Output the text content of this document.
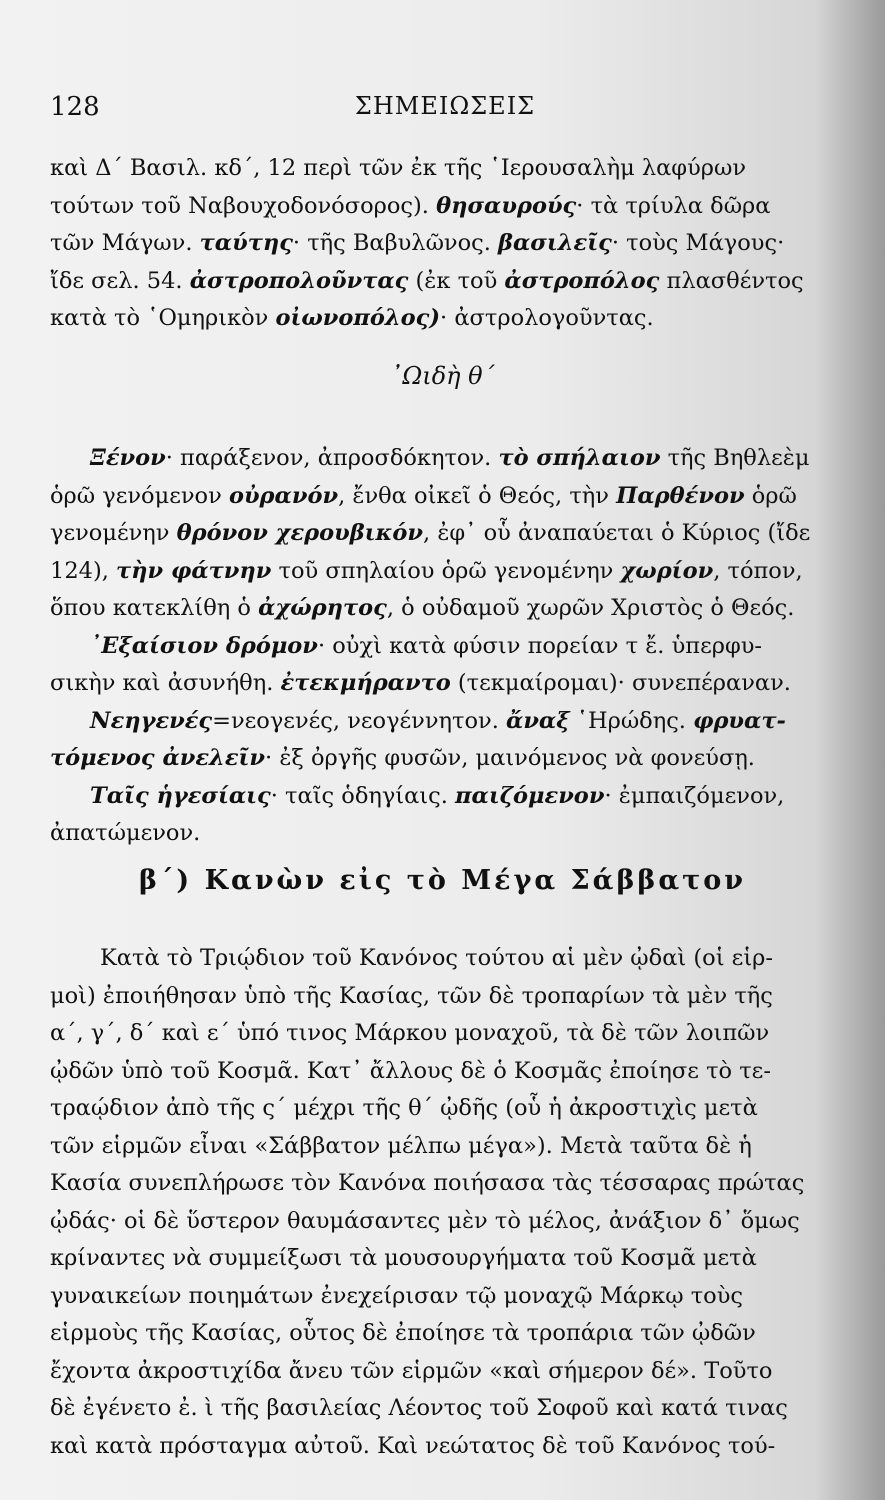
128	ΣΗΜΕΙΩΣΕΙΣ
καὶ Δ΄ Βασιλ. κδ΄, 12 περὶ τῶν ἐκ τῆς ῾Ιερουσαλὴμ λαφύρων
τούτων τοῦ Ναβουχοδονόσορος). θησαυρούς· τὰ τρίυλα δῶρα
τῶν Μάγων. ταύτης· τῆς Βαβυλῶνος. βασιλεῖς· τοὺς Μάγους·
ἴδε σελ. 54. ἀστροπολοῦντας (ἐκ τοῦ ἀστροπόλος πλασθέντος
κατὰ τὸ ῾Ομηρικὸν οἰωνοπόλος)· ἀστρολογοῦντας.
᾿Ωιδὴ θ΄
Ξένον· παράξενον, ἀπροσδόκητον. τὸ σπήλαιον τῆς Βηθλεὲμ
ὁρῶ γενόμενον οὐρανόν, ἔνθα οἰκεῖ ὁ Θεός, τὴν Παρθένον ὁρῶ
γενομένην θρόνον χερουβικόν, ἐφ᾿ οὗ ἀναπαύεται ὁ Κύριος (ἴδε
124), τὴν φάτνην τοῦ σπηλαίου ὁρῶ γενομένην χωρίον, τόπον,
ὅπου κατεκλίθη ὁ ἀχώρητος, ὁ οὐδαμοῦ χωρῶν Χριστὸς ὁ Θεός.
᾿Εξαίσιον δρόμον· οὐχὶ κατὰ φύσιν πορείαν τ ἔ. ὑπερφυ-
σικὴν καὶ ἀσυνήθη. ἐτεκμήραντο (τεκμαίρομαι)· συνεπέραναν.
Νεηγενές=νεογενές, νεογέννητον. ἄναξ ῾Ηρώδης. φρυατ-
τόμενος ἀνελεῖν· ἐξ ὀργῆς φυσῶν, μαινόμενος νὰ φονεύσῃ.
Ταῖς ἡγεσίαις· ταῖς ὁδηγίαις. παιζόμενον· ἐμπαιζόμενον,
ἀπατώμενον.
β΄) Κανὼν εἰς τὸ Μέγα Σάββατον
Κατὰ τὸ Τριῴδιον τοῦ Κανόνος τούτου αἱ μὲν ᾠδαὶ (οἱ εἱρ-
μοὶ) ἐποιήθησαν ὑπὸ τῆς Κασίας, τῶν δὲ τροπαρίων τὰ μὲν τῆς
α΄, γ΄, δ΄ καὶ ε΄ ὑπό τινος Μάρκου μοναχοῦ, τὰ δὲ τῶν λοιπῶν
ᾠδῶν ὑπὸ τοῦ Κοσμᾶ. Κατ᾿ ἄλλους δὲ ὁ Κοσμᾶς ἐποίησε τὸ τε-
τραῴδιον ἀπὸ τῆς ς΄ μέχρι τῆς θ΄ ᾠδῆς (οὗ ἡ ἀκροστιχὶς μετὰ
τῶν εἱρμῶν εἶναι «Σάββατον μέλπω μέγα»). Μετὰ ταῦτα δὲ ἡ
Κασία συνεπλήρωσε τὸν Κανόνα ποιήσασα τὰς τέσσαρας πρώτας
ᾠδάς· οἱ δὲ ὕστερον θαυμάσαντες μὲν τὸ μέλος, ἀνάξιον δ᾿ ὅμως
κρίναντες νὰ συμμείξωσι τὰ μουσουργήματα τοῦ Κοσμᾶ μετὰ
γυναικείων ποιημάτων ἐνεχείρισαν τῷ μοναχῷ Μάρκῳ τοὺς
εἱρμοὺς τῆς Κασίας, οὗτος δὲ ἐποίησε τὰ τροπάρια τῶν ᾠδῶν
ἔχοντα ἀκροστιχίδα ἄνευ τῶν εἱρμῶν «καὶ σήμερον δέ». Τοῦτο
δὲ ἐγένετο ἐ. ὶ τῆς βασιλείας Λέοντος τοῦ Σοφοῦ καὶ κατά τινας
καὶ κατὰ πρόσταγμα αὐτοῦ. Καὶ νεώτατος δὲ τοῦ Κανόνος τού-
